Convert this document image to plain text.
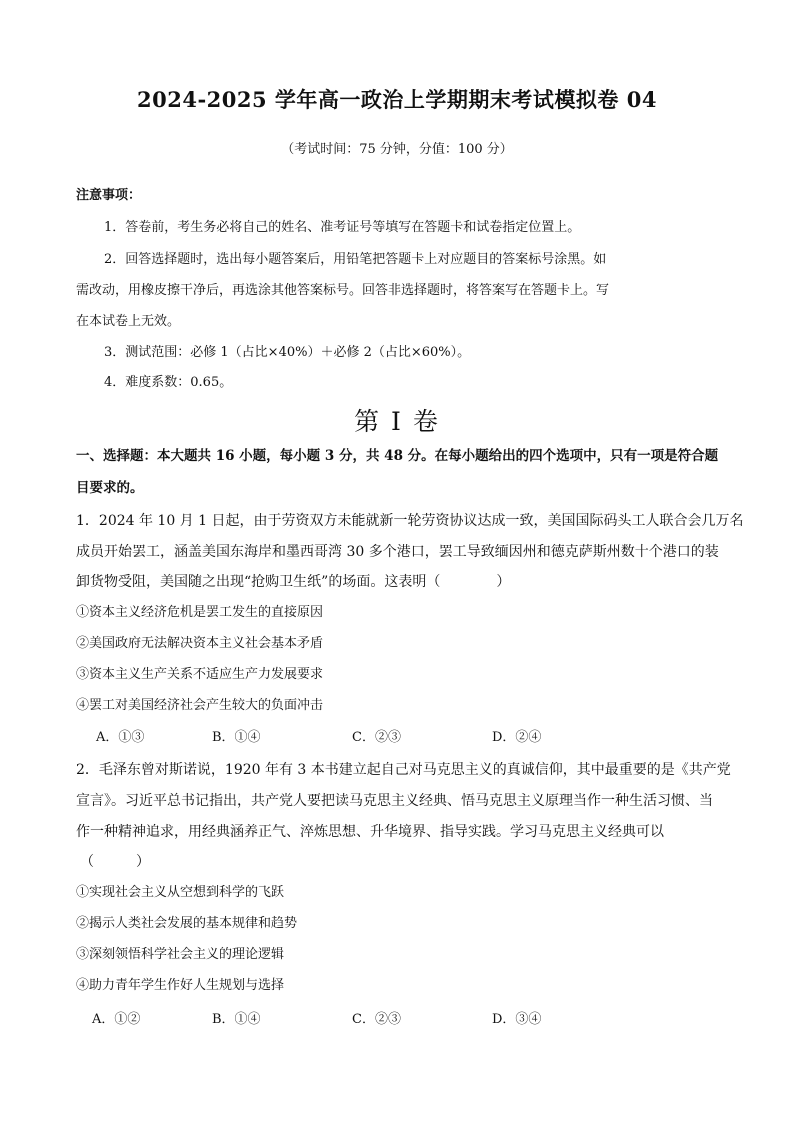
2024-2025 学年高一政治上学期期末考试模拟卷 04
（考试时间：75 分钟，分值：100 分）
注意事项：
1．答卷前，考生务必将自己的姓名、准考证号等填写在答题卡和试卷指定位置上。
2．回答选择题时，选出每小题答案后，用铅笔把答题卡上对应题目的答案标号涂黑。如
需改动，用橡皮擦干净后，再选涂其他答案标号。回答非选择题时，将答案写在答题卡上。写
在本试卷上无效。
3．测试范围：必修 1（占比×40%）＋必修 2（占比×60%）。
4．难度系数：0.65。
第 I 卷
一、选择题：本大题共 16 小题，每小题 3 分，共 48 分。在每小题给出的四个选项中，只有一项是符合题
目要求的。
1．2024 年 10 月 1 日起，由于劳资双方未能就新一轮劳资协议达成一致，美国国际码头工人联合会几万名
成员开始罢工，涵盖美国东海岸和墨西哥湾 30 多个港口，罢工导致缅因州和德克萨斯州数十个港口的装
卸货物受阻，美国随之出现“抢购卫生纸”的场面。这表明（　　　　）
①资本主义经济危机是罢工发生的直接原因
②美国政府无法解决资本主义社会基本矛盾
③资本主义生产关系不适应生产力发展要求
④罢工对美国经济社会产生较大的负面冲击
A．①③	B．①④	C．②③	D．②④
2．毛泽东曾对斯诺说，1920 年有 3 本书建立起自己对马克思主义的真诚信仰，其中最重要的是《共产党
宣言》。习近平总书记指出，共产党人要把读马克思主义经典、悟马克思主义原理当作一种生活习惯、当
作一种精神追求，用经典涵养正气、淬炼思想、升华境界、指导实践。学习马克思主义经典可以
（　　　）
①实现社会主义从空想到科学的飞跃
②揭示人类社会发展的基本规律和趋势
③深刻领悟科学社会主义的理论逻辑
④助力青年学生作好人生规划与选择
A．①②	B．①④	C．②③	D．③④
